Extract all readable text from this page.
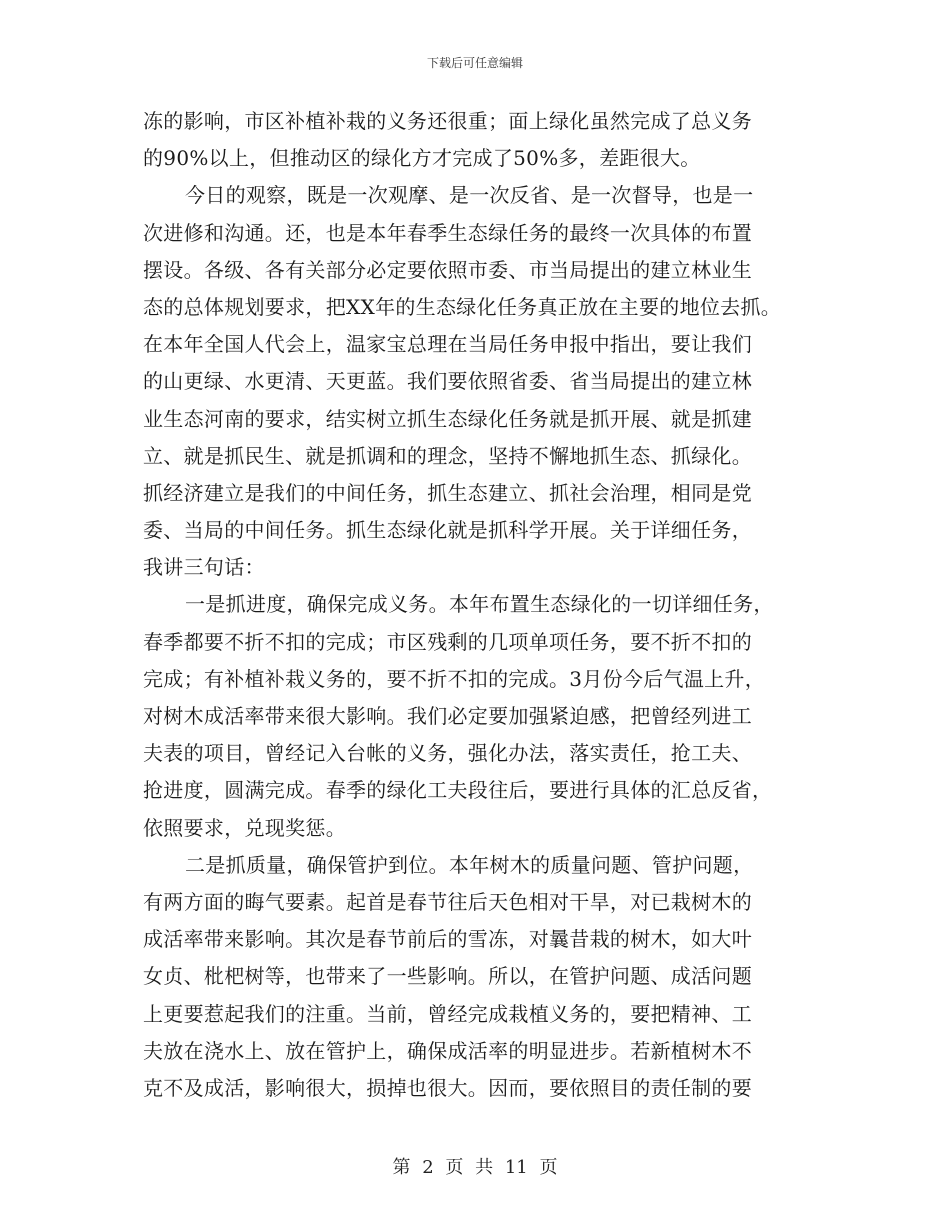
下载后可任意编辑
冻的影响，市区补植补栽的义务还很重；面上绿化虽然完成了总义务
的90%以上，但推动区的绿化方才完成了50%多，差距很大。
今日的观察，既是一次观摩、是一次反省、是一次督导，也是一
次进修和沟通。还，也是本年春季生态绿任务的最终一次具体的布置
摆设。各级、各有关部分必定要依照市委、市当局提出的建立林业生
态的总体规划要求，把XX年的生态绿化任务真正放在主要的地位去抓。
在本年全国人代会上，温家宝总理在当局任务申报中指出，要让我们
的山更绿、水更清、天更蓝。我们要依照省委、省当局提出的建立林
业生态河南的要求，结实树立抓生态绿化任务就是抓开展、就是抓建
立、就是抓民生、就是抓调和的理念，坚持不懈地抓生态、抓绿化。
抓经济建立是我们的中间任务，抓生态建立、抓社会治理，相同是党
委、当局的中间任务。抓生态绿化就是抓科学开展。关于详细任务，
我讲三句话：
一是抓进度，确保完成义务。本年布置生态绿化的一切详细任务，
春季都要不折不扣的完成；市区残剩的几项单项任务，要不折不扣的
完成；有补植补栽义务的，要不折不扣的完成。3月份今后气温上升，
对树木成活率带来很大影响。我们必定要加强紧迫感，把曾经列进工
夫表的项目，曾经记入台帐的义务，强化办法，落实责任，抢工夫、
抢进度，圆满完成。春季的绿化工夫段往后，要进行具体的汇总反省，
依照要求，兑现奖惩。
二是抓质量，确保管护到位。本年树木的质量问题、管护问题，
有两方面的晦气要素。起首是春节往后天色相对干旱，对已栽树木的
成活率带来影响。其次是春节前后的雪冻，对曩昔栽的树木，如大叶
女贞、枇杷树等，也带来了一些影响。所以，在管护问题、成活问题
上更要惹起我们的注重。当前，曾经完成栽植义务的，要把精神、工
夫放在浇水上、放在管护上，确保成活率的明显进步。若新植树木不
克不及成活，影响很大，损掉也很大。因而，要依照目的责任制的要
第 2 页 共 11 页
